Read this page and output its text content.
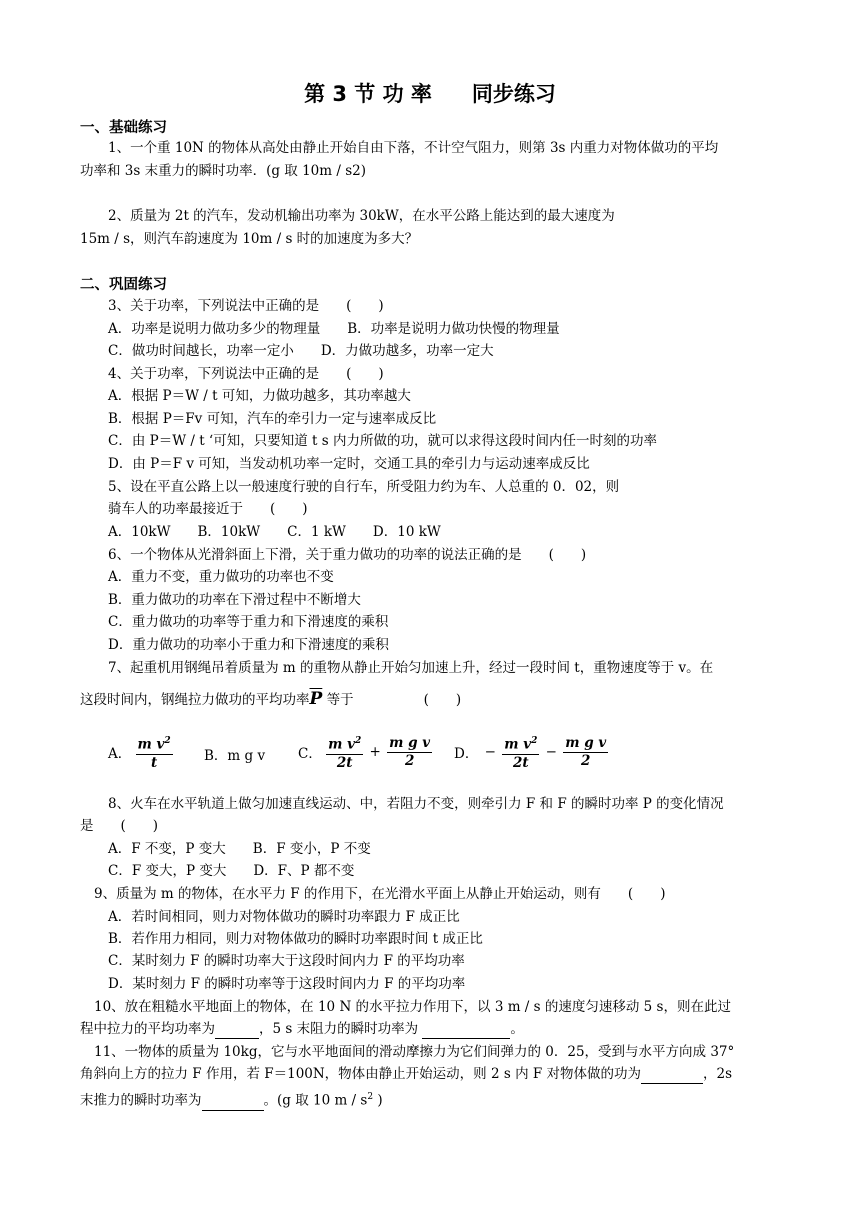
第 3 节 功 率 同步练习
一、基础练习
1、一个重 10N 的物体从高处由静止开始自由下落，不计空气阻力，则第 3s 内重力对物体做功的平均
功率和 3s 末重力的瞬时功率．(g 取 10m / s2)
2、质量为 2t 的汽车，发动机输出功率为 30kW，在水平公路上能达到的最大速度为
15m / s，则汽车韵速度为 10m / s 时的加速度为多大？
二、巩固练习
3、关于功率，下列说法中正确的是　　(　　)
A．功率是说明力做功多少的物理量　　B．功率是说明力做功快慢的物理量
C．做功时间越长，功率一定小　　D．力做功越多，功率一定大
4、关于功率，下列说法中正确的是　　(　　)
A．根据 P＝W / t 可知，力做功越多，其功率越大
B．根据 P＝Fv 可知，汽车的牵引力一定与速率成反比
C．由 P＝W / t ‘可知，只要知道 t s 内力所做的功，就可以求得这段时间内任一时刻的功率
D．由 P＝F v 可知，当发动机功率一定时，交通工具的牵引力与运动速率成反比
5、设在平直公路上以一般速度行驶的自行车，所受阻力约为车、人总重的 0．02，则
骑车人的功率最接近于　　(　　)
A．10kW　　B．10kW　　C．1 kW　　D．10 kW
6、一个物体从光滑斜面上下滑，关于重力做功的功率的说法正确的是　　(　　)
A．重力不变，重力做功的功率也不变
B．重力做功的功率在下滑过程中不断增大
C．重力做功的功率等于重力和下滑速度的乘积
D．重力做功的功率小于重力和下滑速度的乘积
7、起重机用钢绳吊着质量为 m 的重物从静止开始匀加速上升，经过一段时间 t，重物速度等于 v。在
这段时间内，钢绳拉力做功的平均功率$\overline{P}$ 等于	(　　)
A． $\frac{m v^2}{t}$ B．m g v C． $\frac{m v^2}{2t} + \frac{\text{m g v}}{2}$ D． − $\frac{m v^2}{2t} - \frac{\text{m g v}}{2}$
8、火车在水平轨道上做匀加速直线运动、中，若阻力不变，则牵引力 F 和 F 的瞬时功率 P 的变化情况
是　　(　　)
A．F 不变，P 变大　　B．F 变小，P 不变
C．F 变大，P 变大　　D．F、P 都不变
9、质量为 m 的物体，在水平力 F 的作用下，在光滑水平面上从静止开始运动，则有　　(　　)
A．若时间相同，则力对物体做功的瞬时功率跟力 F 成正比
B．若作用力相同，则力对物体做功的瞬时功率跟时间 t 成正比
C．某时刻力 F 的瞬时功率大于这段时间内力 F 的平均功率
D．某时刻力 F 的瞬时功率等于这段时间内力 F 的平均功率
10、放在粗糙水平地面上的物体，在 10 N 的水平拉力作用下，以 3 m / s 的速度匀速移动 5 s，则在此过
程中拉力的平均功率为	，5 s 末阻力的瞬时功率为	。
11、一物体的质量为 10kg，它与水平地面间的滑动摩擦力为它们间弹力的 0．25，受到与水平方向成 37°
角斜向上方的拉力 F 作用，若 F＝100N，物体由静止开始运动，则 2 s 内 F 对物体做的功为	，2s
末推力的瞬时功率为	。(g 取 10 m / $s^2$ )
